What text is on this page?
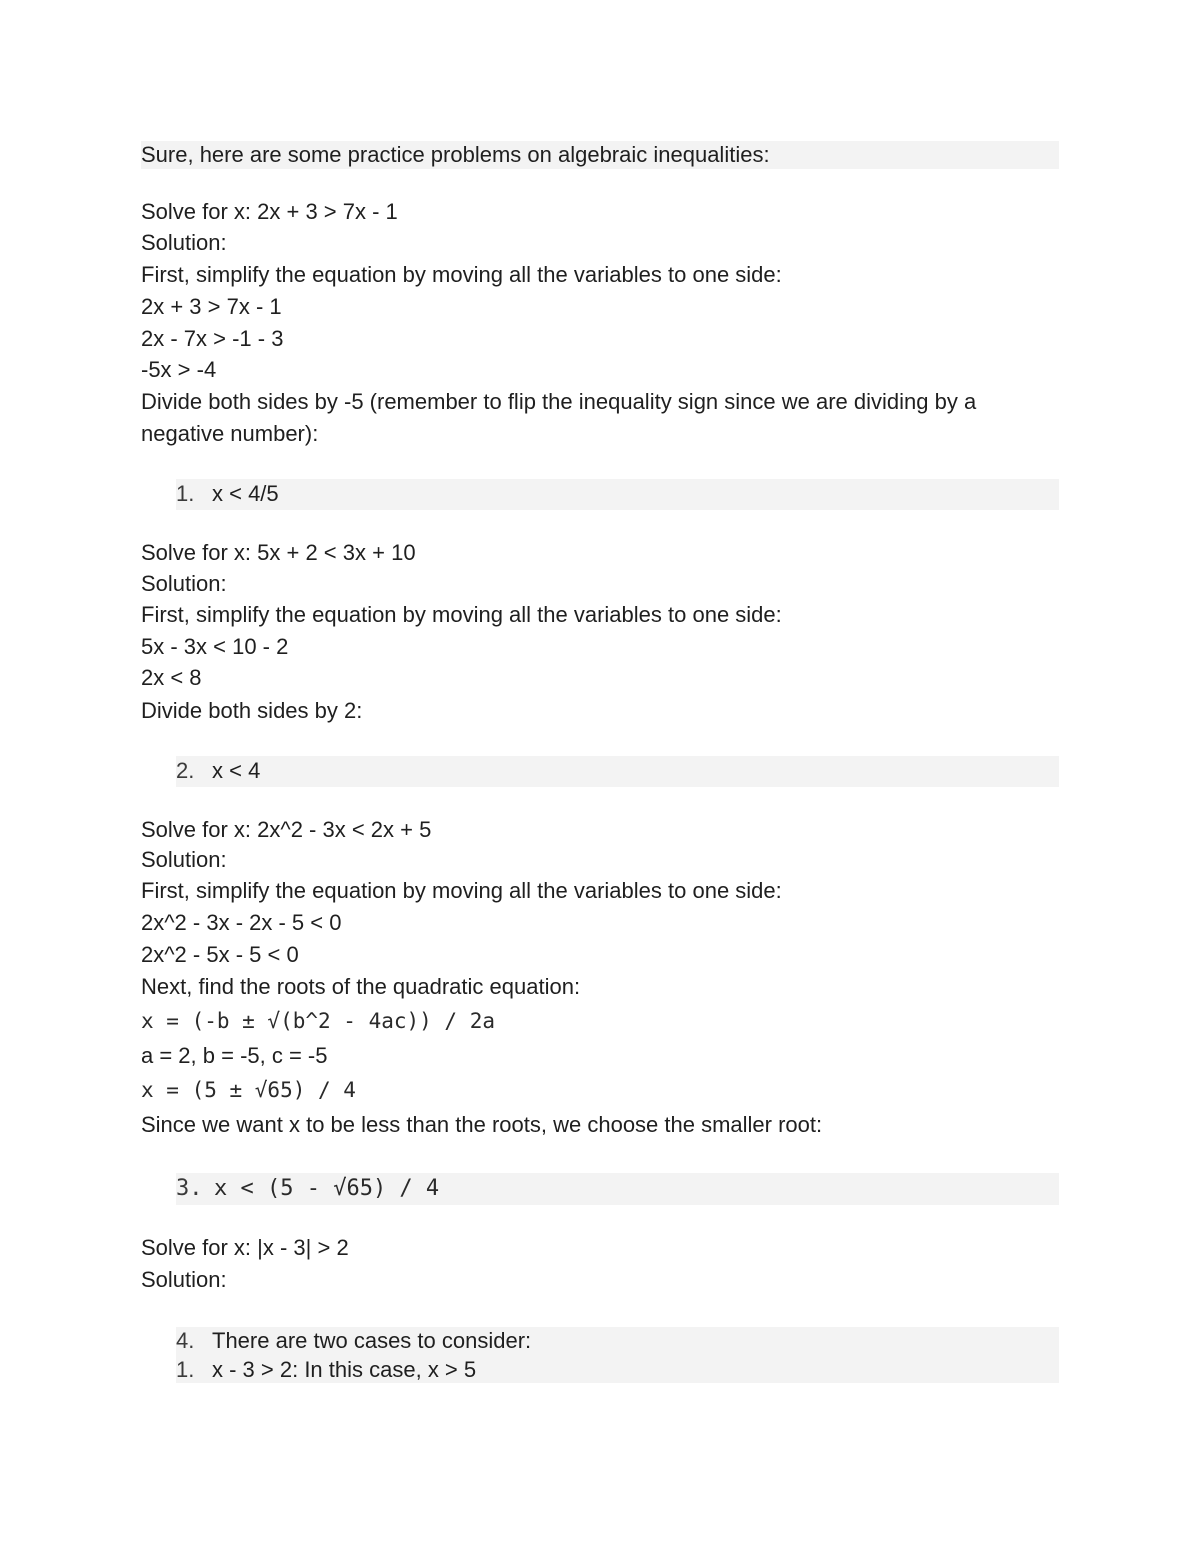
Sure, here are some practice problems on algebraic inequalities:
Solve for x: 2x + 3 > 7x - 1
Solution:
First, simplify the equation by moving all the variables to one side:
2x + 3 > 7x - 1
2x - 7x > -1 - 3
-5x > -4
Divide both sides by -5 (remember to flip the inequality sign since we are dividing by a negative number):
1. x < 4/5
Solve for x: 5x + 2 < 3x + 10
Solution:
First, simplify the equation by moving all the variables to one side:
5x - 3x < 10 - 2
2x < 8
Divide both sides by 2:
2. x < 4
Solve for x: 2x^2 - 3x < 2x + 5
Solution:
First, simplify the equation by moving all the variables to one side:
2x^2 - 3x - 2x - 5 < 0
2x^2 - 5x - 5 < 0
Next, find the roots of the quadratic equation:
x = (-b ± √(b^2 - 4ac)) / 2a
a = 2, b = -5, c = -5
x = (5 ± √65) / 4
Since we want x to be less than the roots, we choose the smaller root:
3. x < (5 - √65) / 4
Solve for x: |x - 3| > 2
Solution:
4. There are two cases to consider:
1. x - 3 > 2: In this case, x > 5
